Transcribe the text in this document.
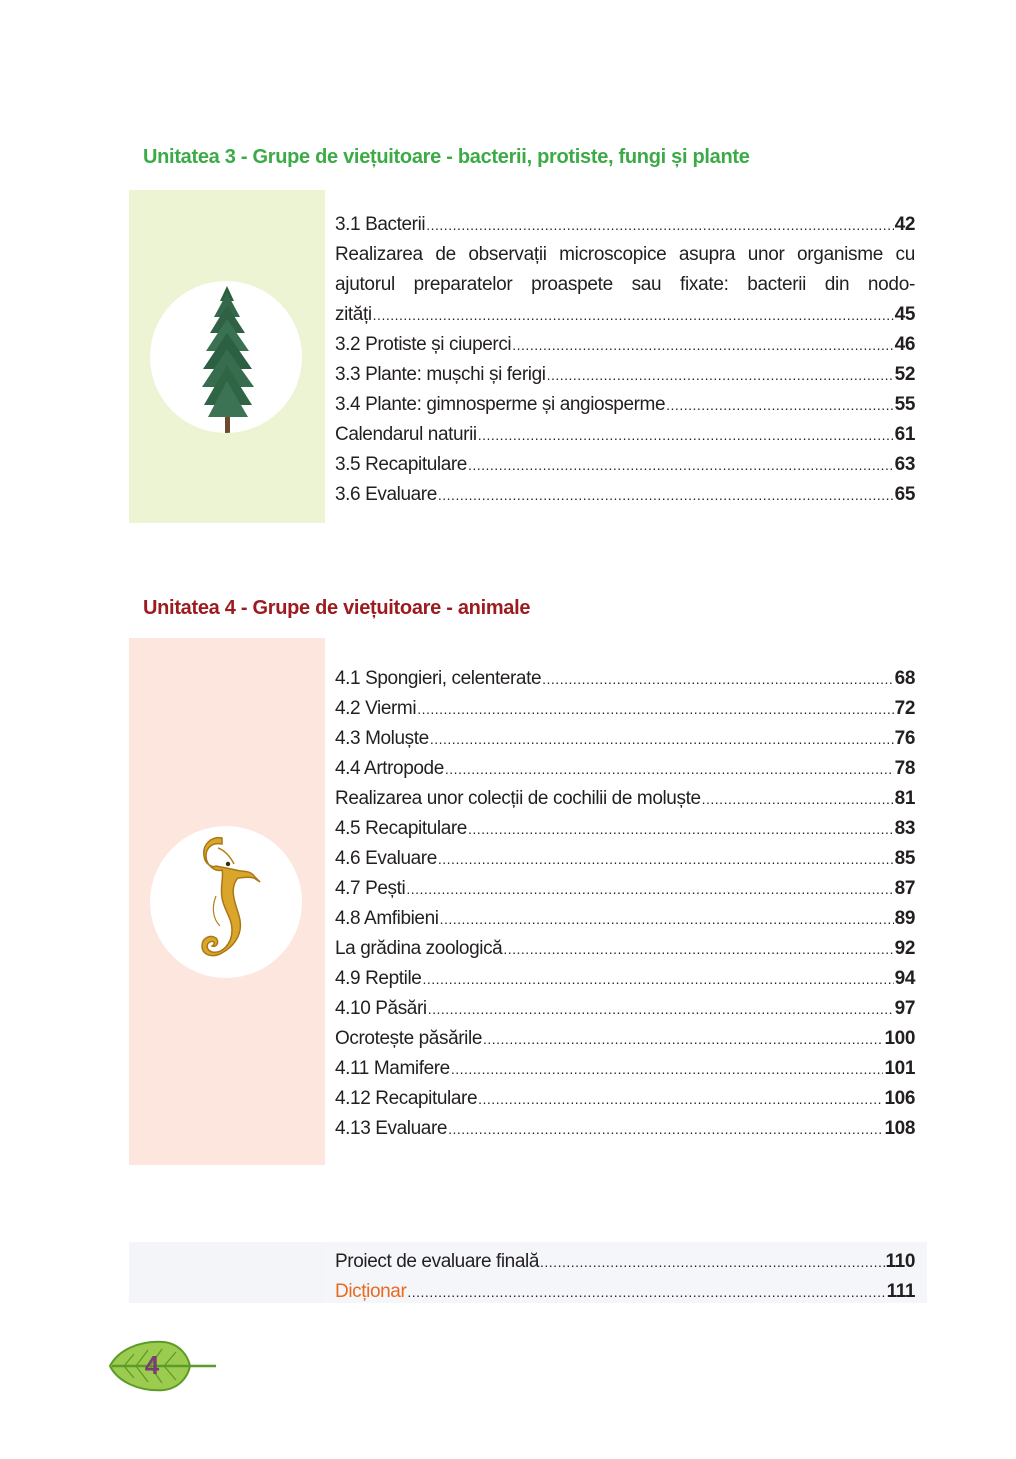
Unitatea 3 - Grupe de viețuitoare - bacterii, protiste, fungi și plante
3.1 Bacterii .....	42
Realizarea de observații microscopice asupra unor organisme cu ajutorul preparatelor proaspete sau fixate: bacterii din nodo-
zități .....	45
3.2 Protiste și ciuperci .....	46
3.3 Plante: mușchi și ferigi .....	52
3.4 Plante: gimnosperme și angiosperme .....	55
Calendarul naturii .....	61
3.5 Recapitulare .....	63
3.6 Evaluare .....	65
Unitatea 4 - Grupe de viețuitoare - animale
4.1 Spongieri, celenterate .....	68
4.2 Viermi .....	72
4.3 Moluște .....	76
4.4 Artropode .....	78
Realizarea unor colecții de cochilii de moluște .....	81
4.5 Recapitulare .....	83
4.6 Evaluare .....	85
4.7 Pești .....	87
4.8 Amfibieni .....	89
La grădina zoologică .....	92
4.9 Reptile .....	94
4.10 Păsări .....	97
Ocrotește păsările .....	100
4.11 Mamifere .....	101
4.12 Recapitulare .....	106
4.13 Evaluare .....	108
Proiect de evaluare finală .....	110
Dicționar .....	111
4
